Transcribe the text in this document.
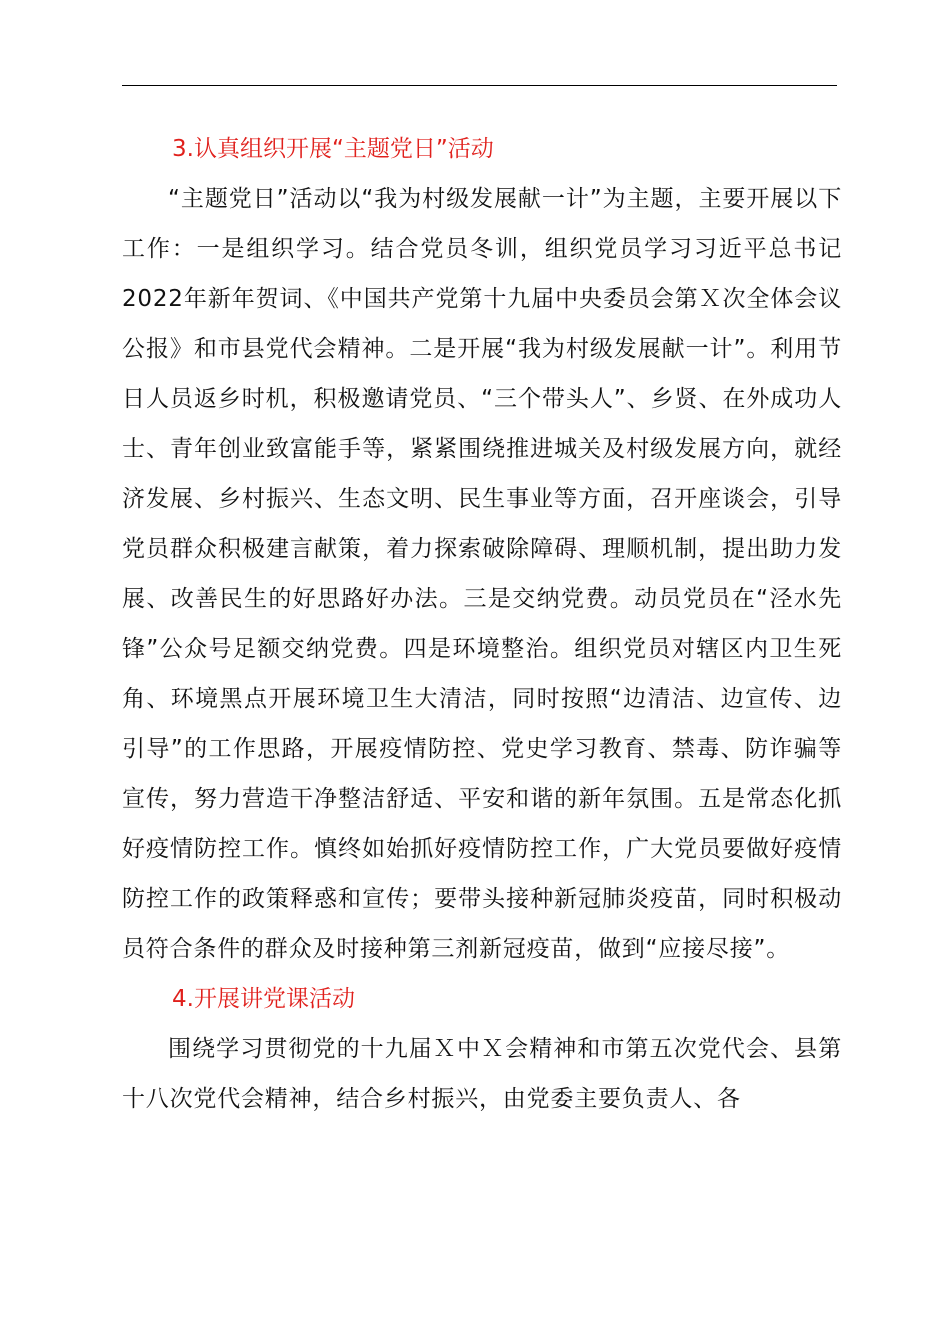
3.认真组织开展“主题党日”活动

“主题党日”活动以“我为村级发展献一计”为主题，主要开展以下工作：一是组织学习。结合党员冬训，组织党员学习习近平总书记2022年新年贺词、《中国共产党第十九届中央委员会第Ｘ次全体会议公报》和市县党代会精神。二是开展“我为村级发展献一计”。利用节日人员返乡时机，积极邀请党员、“三个带头人”、乡贤、在外成功人士、青年创业致富能手等，紧紧围绕推进城关及村级发展方向，就经济发展、乡村振兴、生态文明、民生事业等方面，召开座谈会，引导党员群众积极建言献策，着力探索破除障碍、理顺机制，提出助力发展、改善民生的好思路好办法。三是交纳党费。动员党员在“泾水先锋”公众号足额交纳党费。四是环境整治。组织党员对辖区内卫生死角、环境黑点开展环境卫生大清洁，同时按照“边清洁、边宣传、边引导”的工作思路，开展疫情防控、党史学习教育、禁毒、防诈骗等宣传，努力营造干净整洁舒适、平安和谐的新年氛围。五是常态化抓好疫情防控工作。慎终如始抓好疫情防控工作，广大党员要做好疫情防控工作的政策释惑和宣传；要带头接种新冠肺炎疫苗，同时积极动员符合条件的群众及时接种第三剂新冠疫苗，做到“应接尽接”。

4.开展讲党课活动

围绕学习贯彻党的十九届Ｘ中Ｘ会精神和市第五次党代会、县第十八次党代会精神，结合乡村振兴，由党委主要负责人、各
